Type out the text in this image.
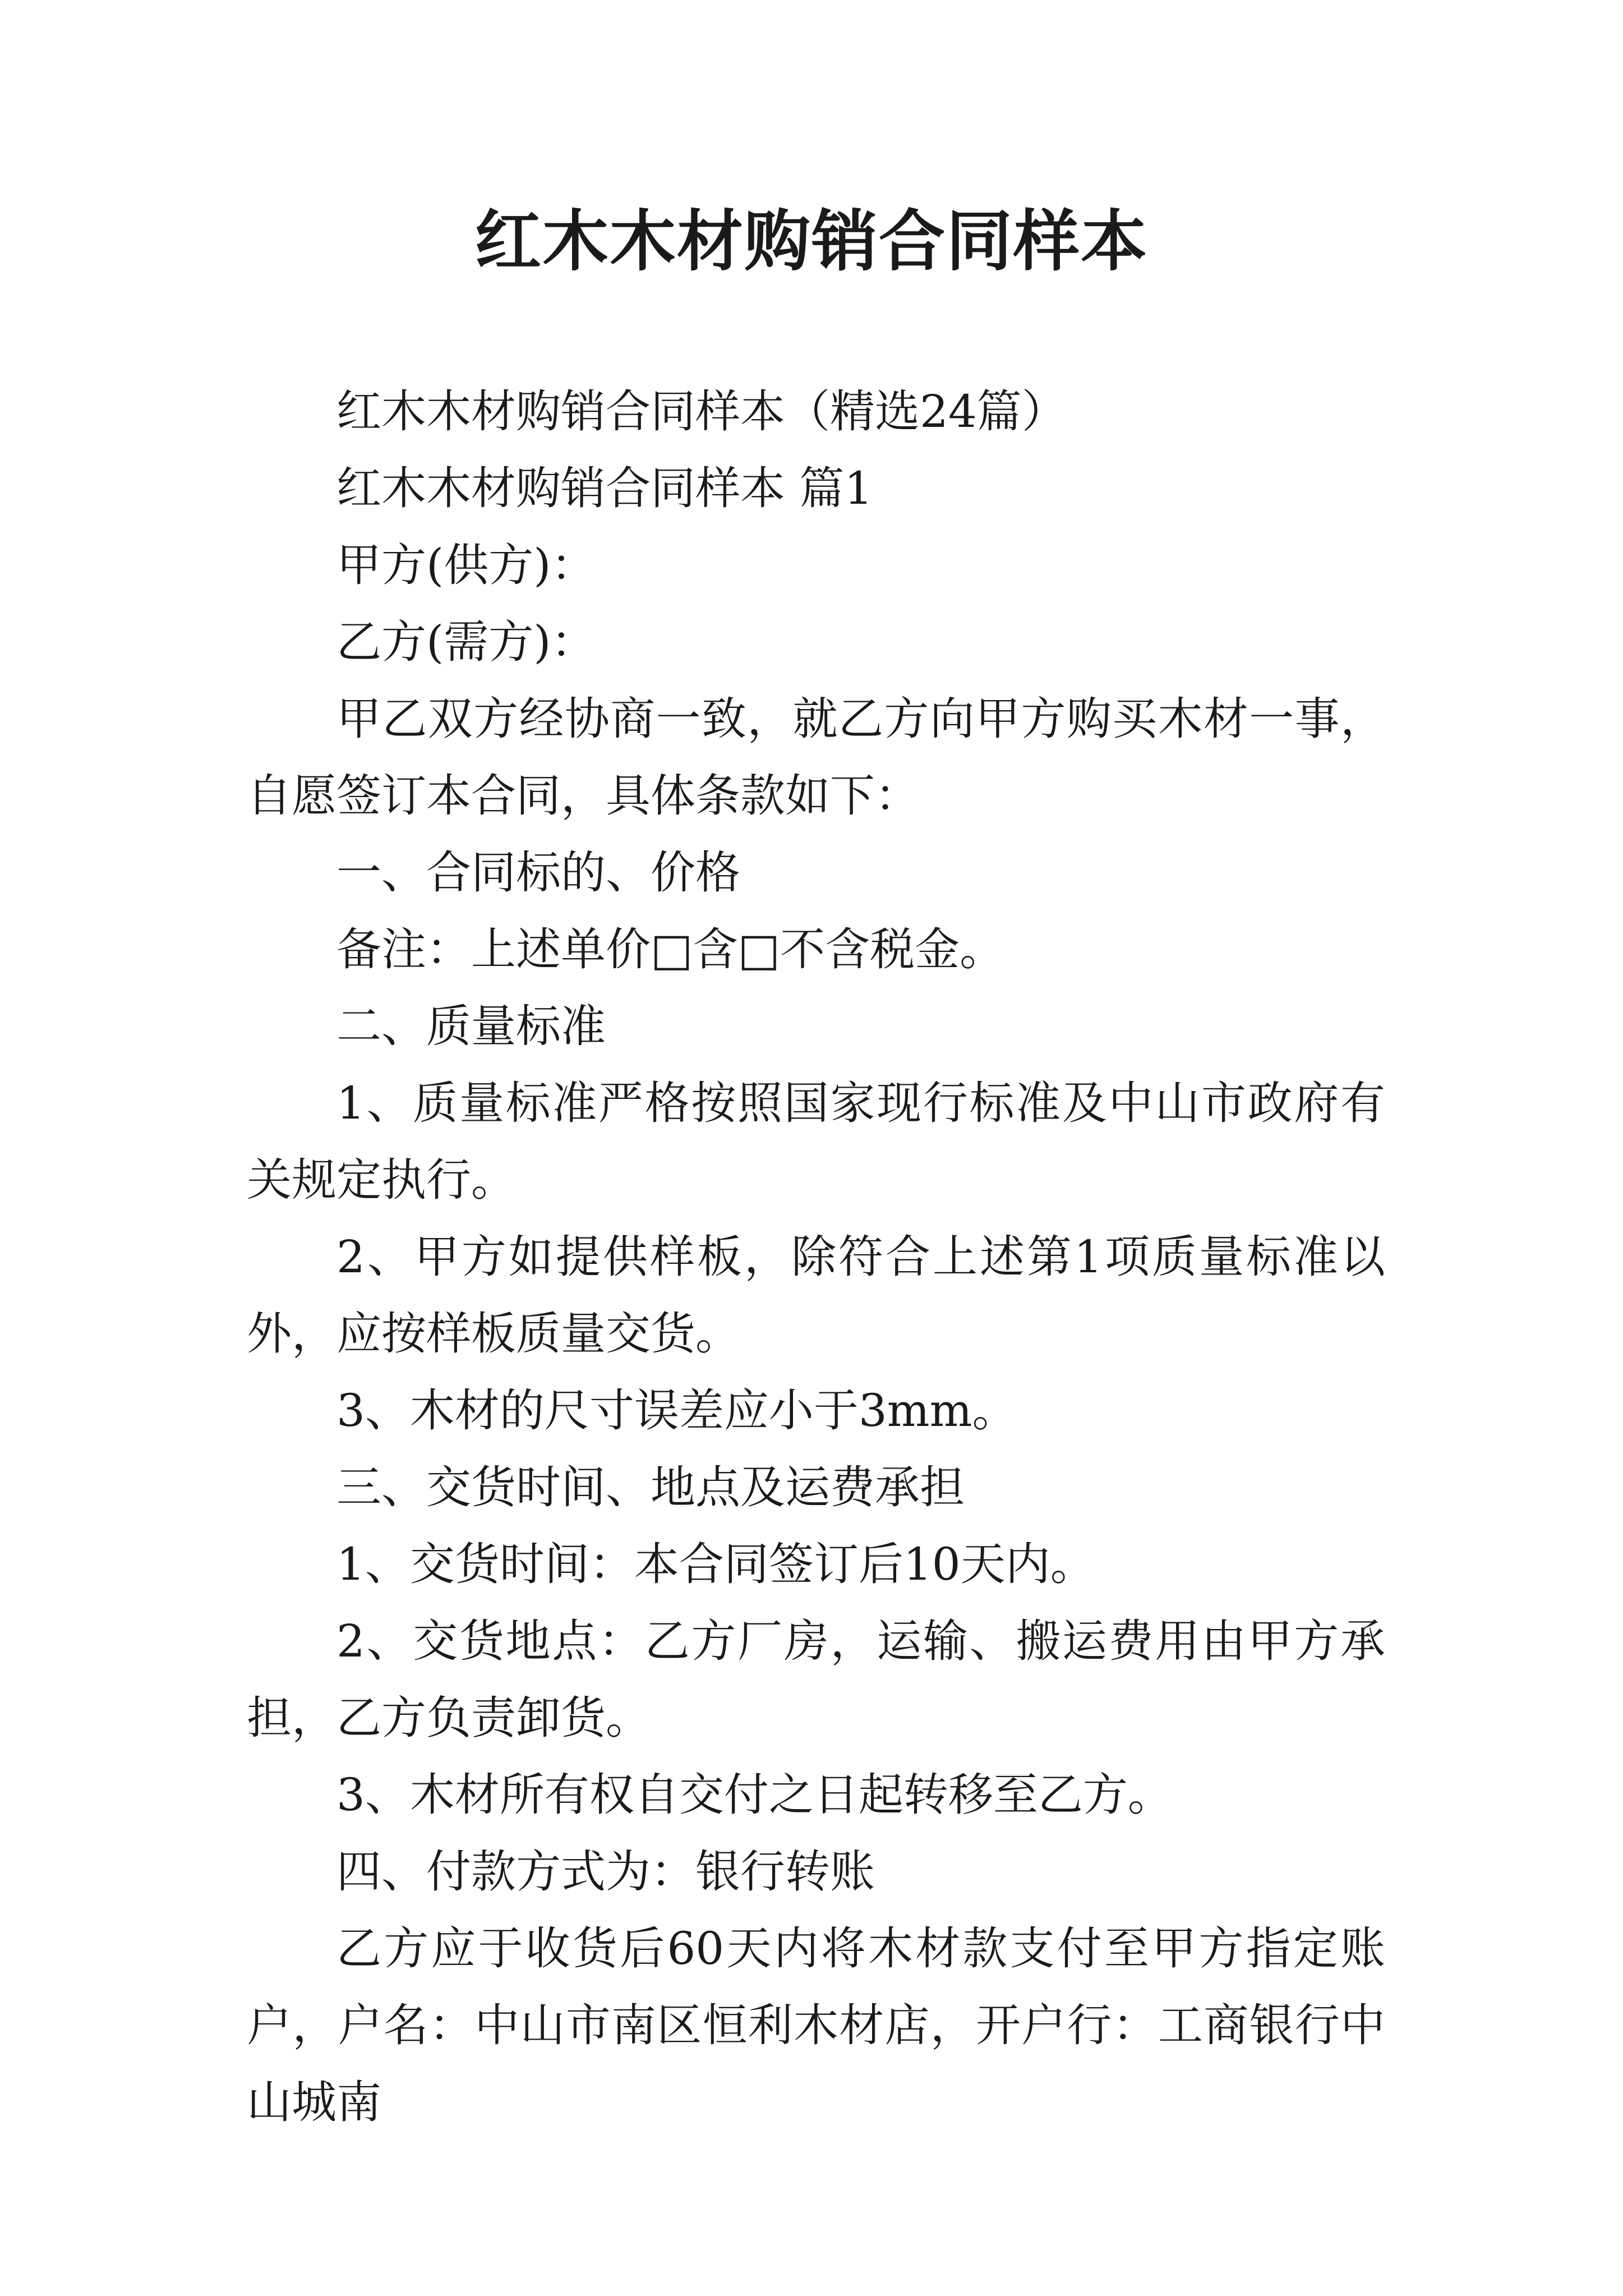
红木木材购销合同样本

红木木材购销合同样本（精选24篇）

红木木材购销合同样本 篇1

甲方(供方)：

乙方(需方)：

甲乙双方经协商一致，就乙方向甲方购买木材一事，自愿签订本合同，具体条款如下：

一、合同标的、价格

备注：上述单价□含□不含税金。

二、质量标准

1、质量标准严格按照国家现行标准及中山市政府有关规定执行。

2、甲方如提供样板，除符合上述第1项质量标准以外，应按样板质量交货。

3、木材的尺寸误差应小于3mm。

三、交货时间、地点及运费承担

1、交货时间：本合同签订后10天内。

2、交货地点：乙方厂房，运输、搬运费用由甲方承担，乙方负责卸货。

3、木材所有权自交付之日起转移至乙方。

四、付款方式为：银行转账

乙方应于收货后60天内将木材款支付至甲方指定账户，户名：中山市南区恒利木材店，开户行：工商银行中山城南
